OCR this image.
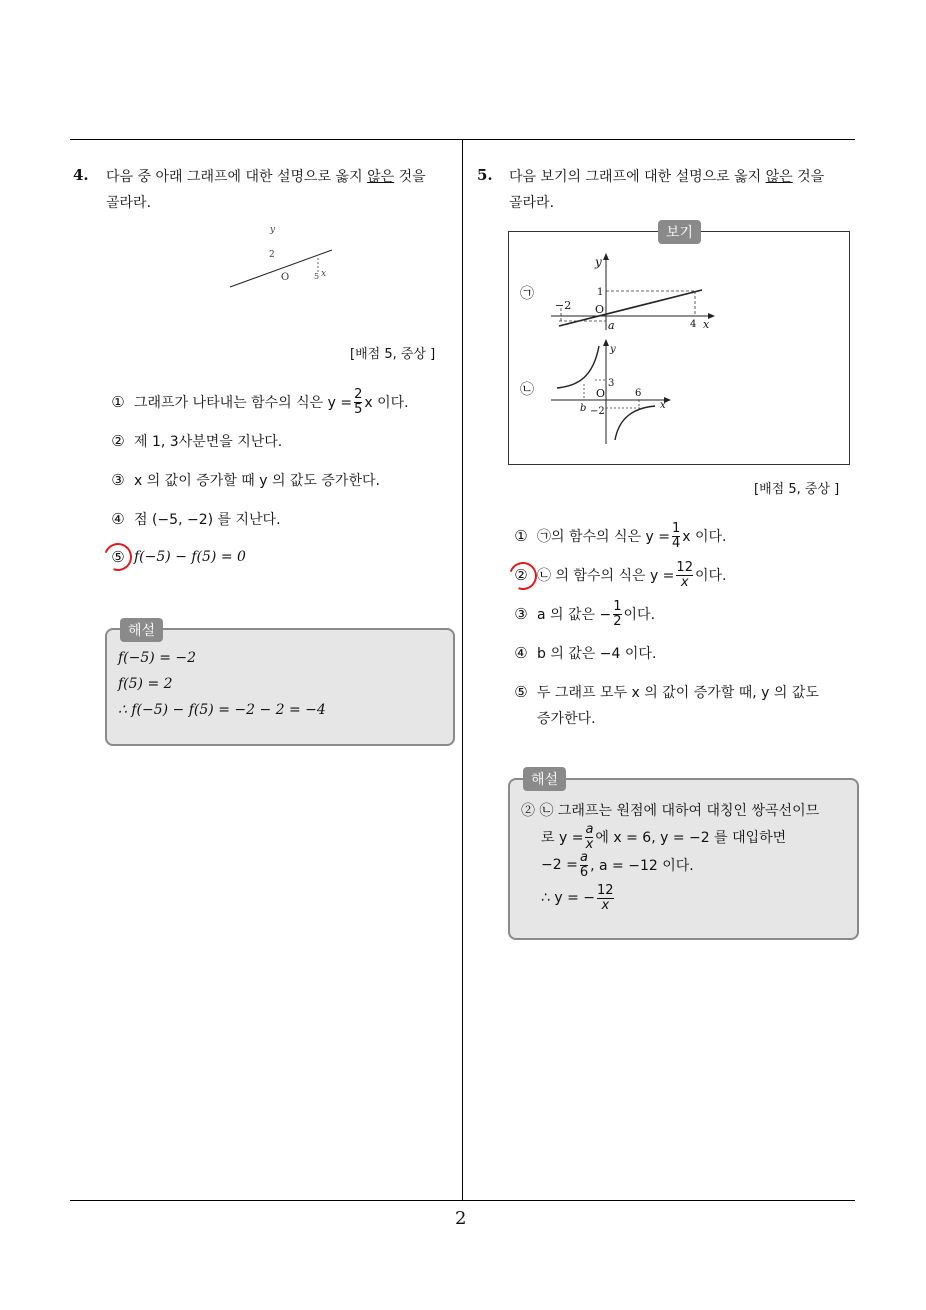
2
4. 다음 중 아래 그래프에 대한 설명으로 옳지 않은 것을
골라라.
y
2
O	5 x
[배점 5, 중상 ]
① 그래프가 나타내는 함수의 식은 $y = \frac{2}{5}$ x 이다.
② 제 1, 3사분면을 지난다.
③ x 의 값이 증가할 때 y 의 값도 증가한다.
④ 점 (−5, −2) 를 지난다.
⑤ f(−5) − f(5) = 0
해설
f(−5) = −2
f(5) = 2
∴ f(−5) − f(5) = −2 − 2 = −4
5. 다음 보기의 그래프에 대한 설명으로 옳지 않은 것을
골라라.
보기
㉠
y
−2
1
O
a	4 x
㉡
y
3
O	6
b −2
x
[배점 5, 중상 ]
① ㉠의 함수의 식은 $y = \frac{1}{4}$ x 이다.
② ㉡ 의 함수의 식은 $y = \frac{12}{x}$ 이다.
③ a 의 값은 − $\frac{1}{2}$ 이다.
④ b 의 값은 −4 이다.
⑤ 두 그래프 모두 x 의 값이 증가할 때, y 의 값도
증가한다.
해설
② ㉡ 그래프는 원점에 대하여 대칭인 쌍곡선이므
로 $y = \frac{a}{x}$ 에 x = 6, y = −2 를 대입하면
$-2 = \frac{a}{6}$ , a = −12 이다.
∴ y = − $\frac{12}{x}$
